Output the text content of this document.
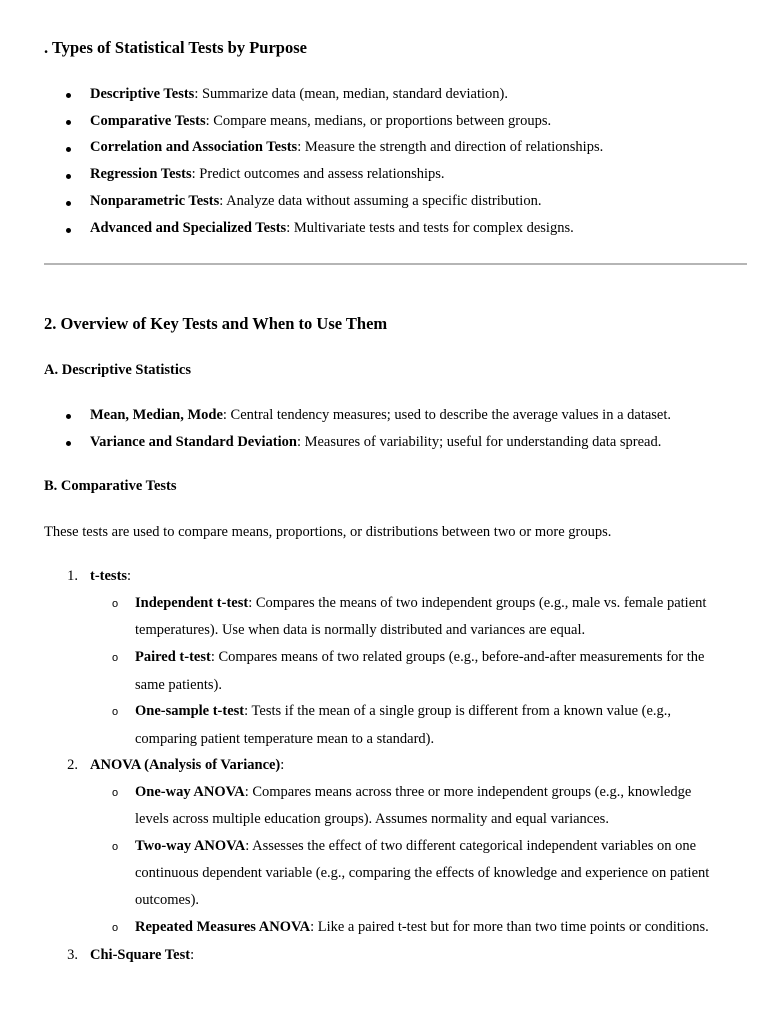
. Types of Statistical Tests by Purpose
Descriptive Tests: Summarize data (mean, median, standard deviation).
Comparative Tests: Compare means, medians, or proportions between groups.
Correlation and Association Tests: Measure the strength and direction of relationships.
Regression Tests: Predict outcomes and assess relationships.
Nonparametric Tests: Analyze data without assuming a specific distribution.
Advanced and Specialized Tests: Multivariate tests and tests for complex designs.
2. Overview of Key Tests and When to Use Them
A. Descriptive Statistics
Mean, Median, Mode: Central tendency measures; used to describe the average values in a dataset.
Variance and Standard Deviation: Measures of variability; useful for understanding data spread.
B. Comparative Tests
These tests are used to compare means, proportions, or distributions between two or more groups.
1. t-tests:
o Independent t-test: Compares the means of two independent groups (e.g., male vs. female patient
temperatures). Use when data is normally distributed and variances are equal.
o Paired t-test: Compares means of two related groups (e.g., before-and-after measurements for the
same patients).
o One-sample t-test: Tests if the mean of a single group is different from a known value (e.g.,
comparing patient temperature mean to a standard).
2. ANOVA (Analysis of Variance):
o One-way ANOVA: Compares means across three or more independent groups (e.g., knowledge
levels across multiple education groups). Assumes normality and equal variances.
o Two-way ANOVA: Assesses the effect of two different categorical independent variables on one
continuous dependent variable (e.g., comparing the effects of knowledge and experience on patient
outcomes).
o Repeated Measures ANOVA: Like a paired t-test but for more than two time points or conditions.
3. Chi-Square Test:
